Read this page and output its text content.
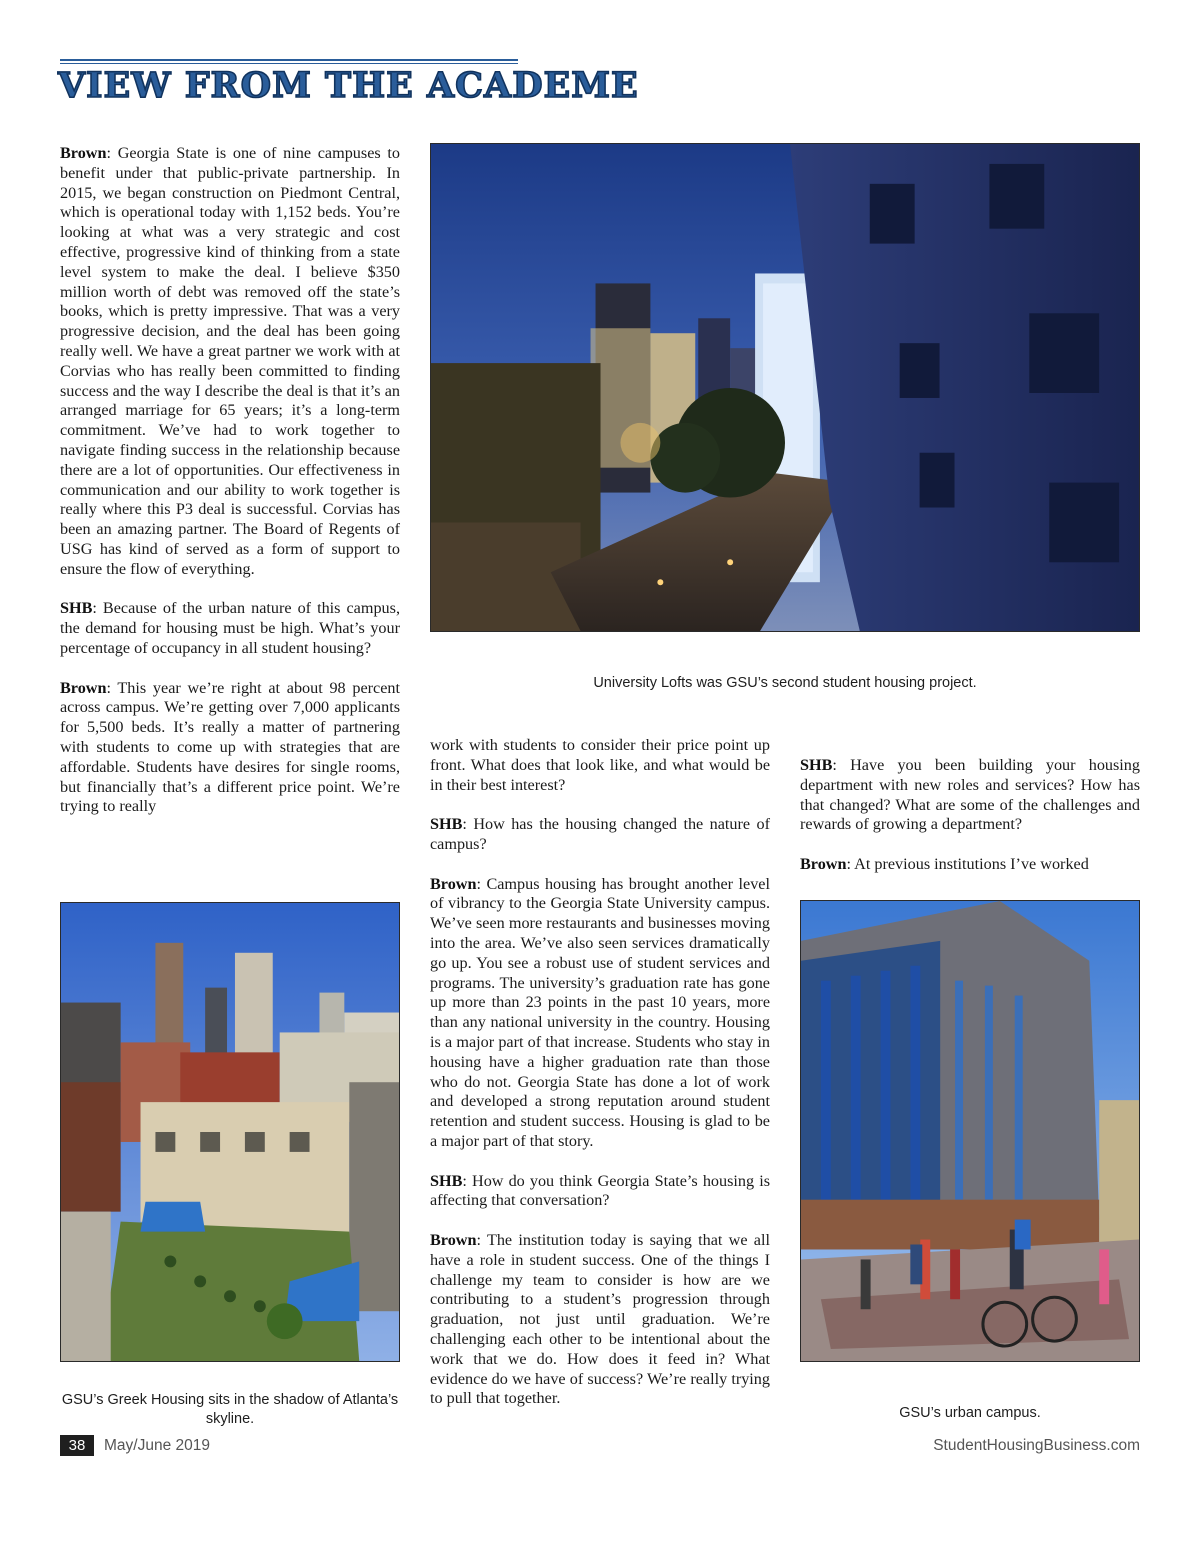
VIEW FROM THE ACADEME

Brown: Georgia State is one of nine campuses to benefit under that public-private partnership. In 2015, we began construction on Piedmont Central, which is operational today with 1,152 beds. You’re looking at what was a very strategic and cost effective, progressive kind of thinking from a state level system to make the deal. I believe $350 million worth of debt was removed off the state’s books, which is pretty impressive. That was a very progressive decision, and the deal has been going really well. We have a great partner we work with at Corvias who has really been committed to finding success and the way I describe the deal is that it’s an arranged marriage for 65 years; it’s a long-term commitment. We’ve had to work together to navigate finding success in the relationship because there are a lot of opportunities. Our effectiveness in communication and our ability to work together is really where this P3 deal is successful. Corvias has been an amazing partner. The Board of Regents of USG has kind of served as a form of support to ensure the flow of everything.

SHB: Because of the urban nature of this campus, the demand for housing must be high. What’s your percentage of occupancy in all student housing?

Brown: This year we’re right at about 98 percent across campus. We’re getting over 7,000 applicants for 5,500 beds. It’s really a matter of partnering with students to come up with strategies that are affordable. Students have desires for single rooms, but financially that’s a different price point. We’re trying to really

work with students to consider their price point up front. What does that look like, and what would be in their best interest?

SHB: How has the housing changed the nature of campus?

Brown: Campus housing has brought another level of vibrancy to the Georgia State University campus. We’ve seen more restaurants and businesses moving into the area. We’ve also seen services dramatically go up. You see a robust use of student services and programs. The university’s graduation rate has gone up more than 23 points in the past 10 years, more than any national university in the country. Housing is a major part of that increase. Students who stay in housing have a higher graduation rate than those who do not. Georgia State has done a lot of work and developed a strong reputation around student retention and student success. Housing is glad to be a major part of that story.

SHB: How do you think Georgia State’s housing is affecting that conversation?

Brown: The institution today is saying that we all have a role in student success. One of the things I challenge my team to consider is how are we contributing to a student’s progression through graduation, not just until graduation. We’re challenging each other to be intentional about the work that we do. How does it feed in? What evidence do we have of success? We’re really trying to pull that together.

SHB: Have you been building your housing department with new roles and services? How has that changed? What are some of the challenges and rewards of growing a department?

Brown: At previous institutions I’ve worked

University Lofts was GSU’s second student housing project.

GSU’s Greek Housing sits in the shadow of Atlanta’s skyline.	GSU’s urban campus.

38	May/June 2019	StudentHousingBusiness.com
